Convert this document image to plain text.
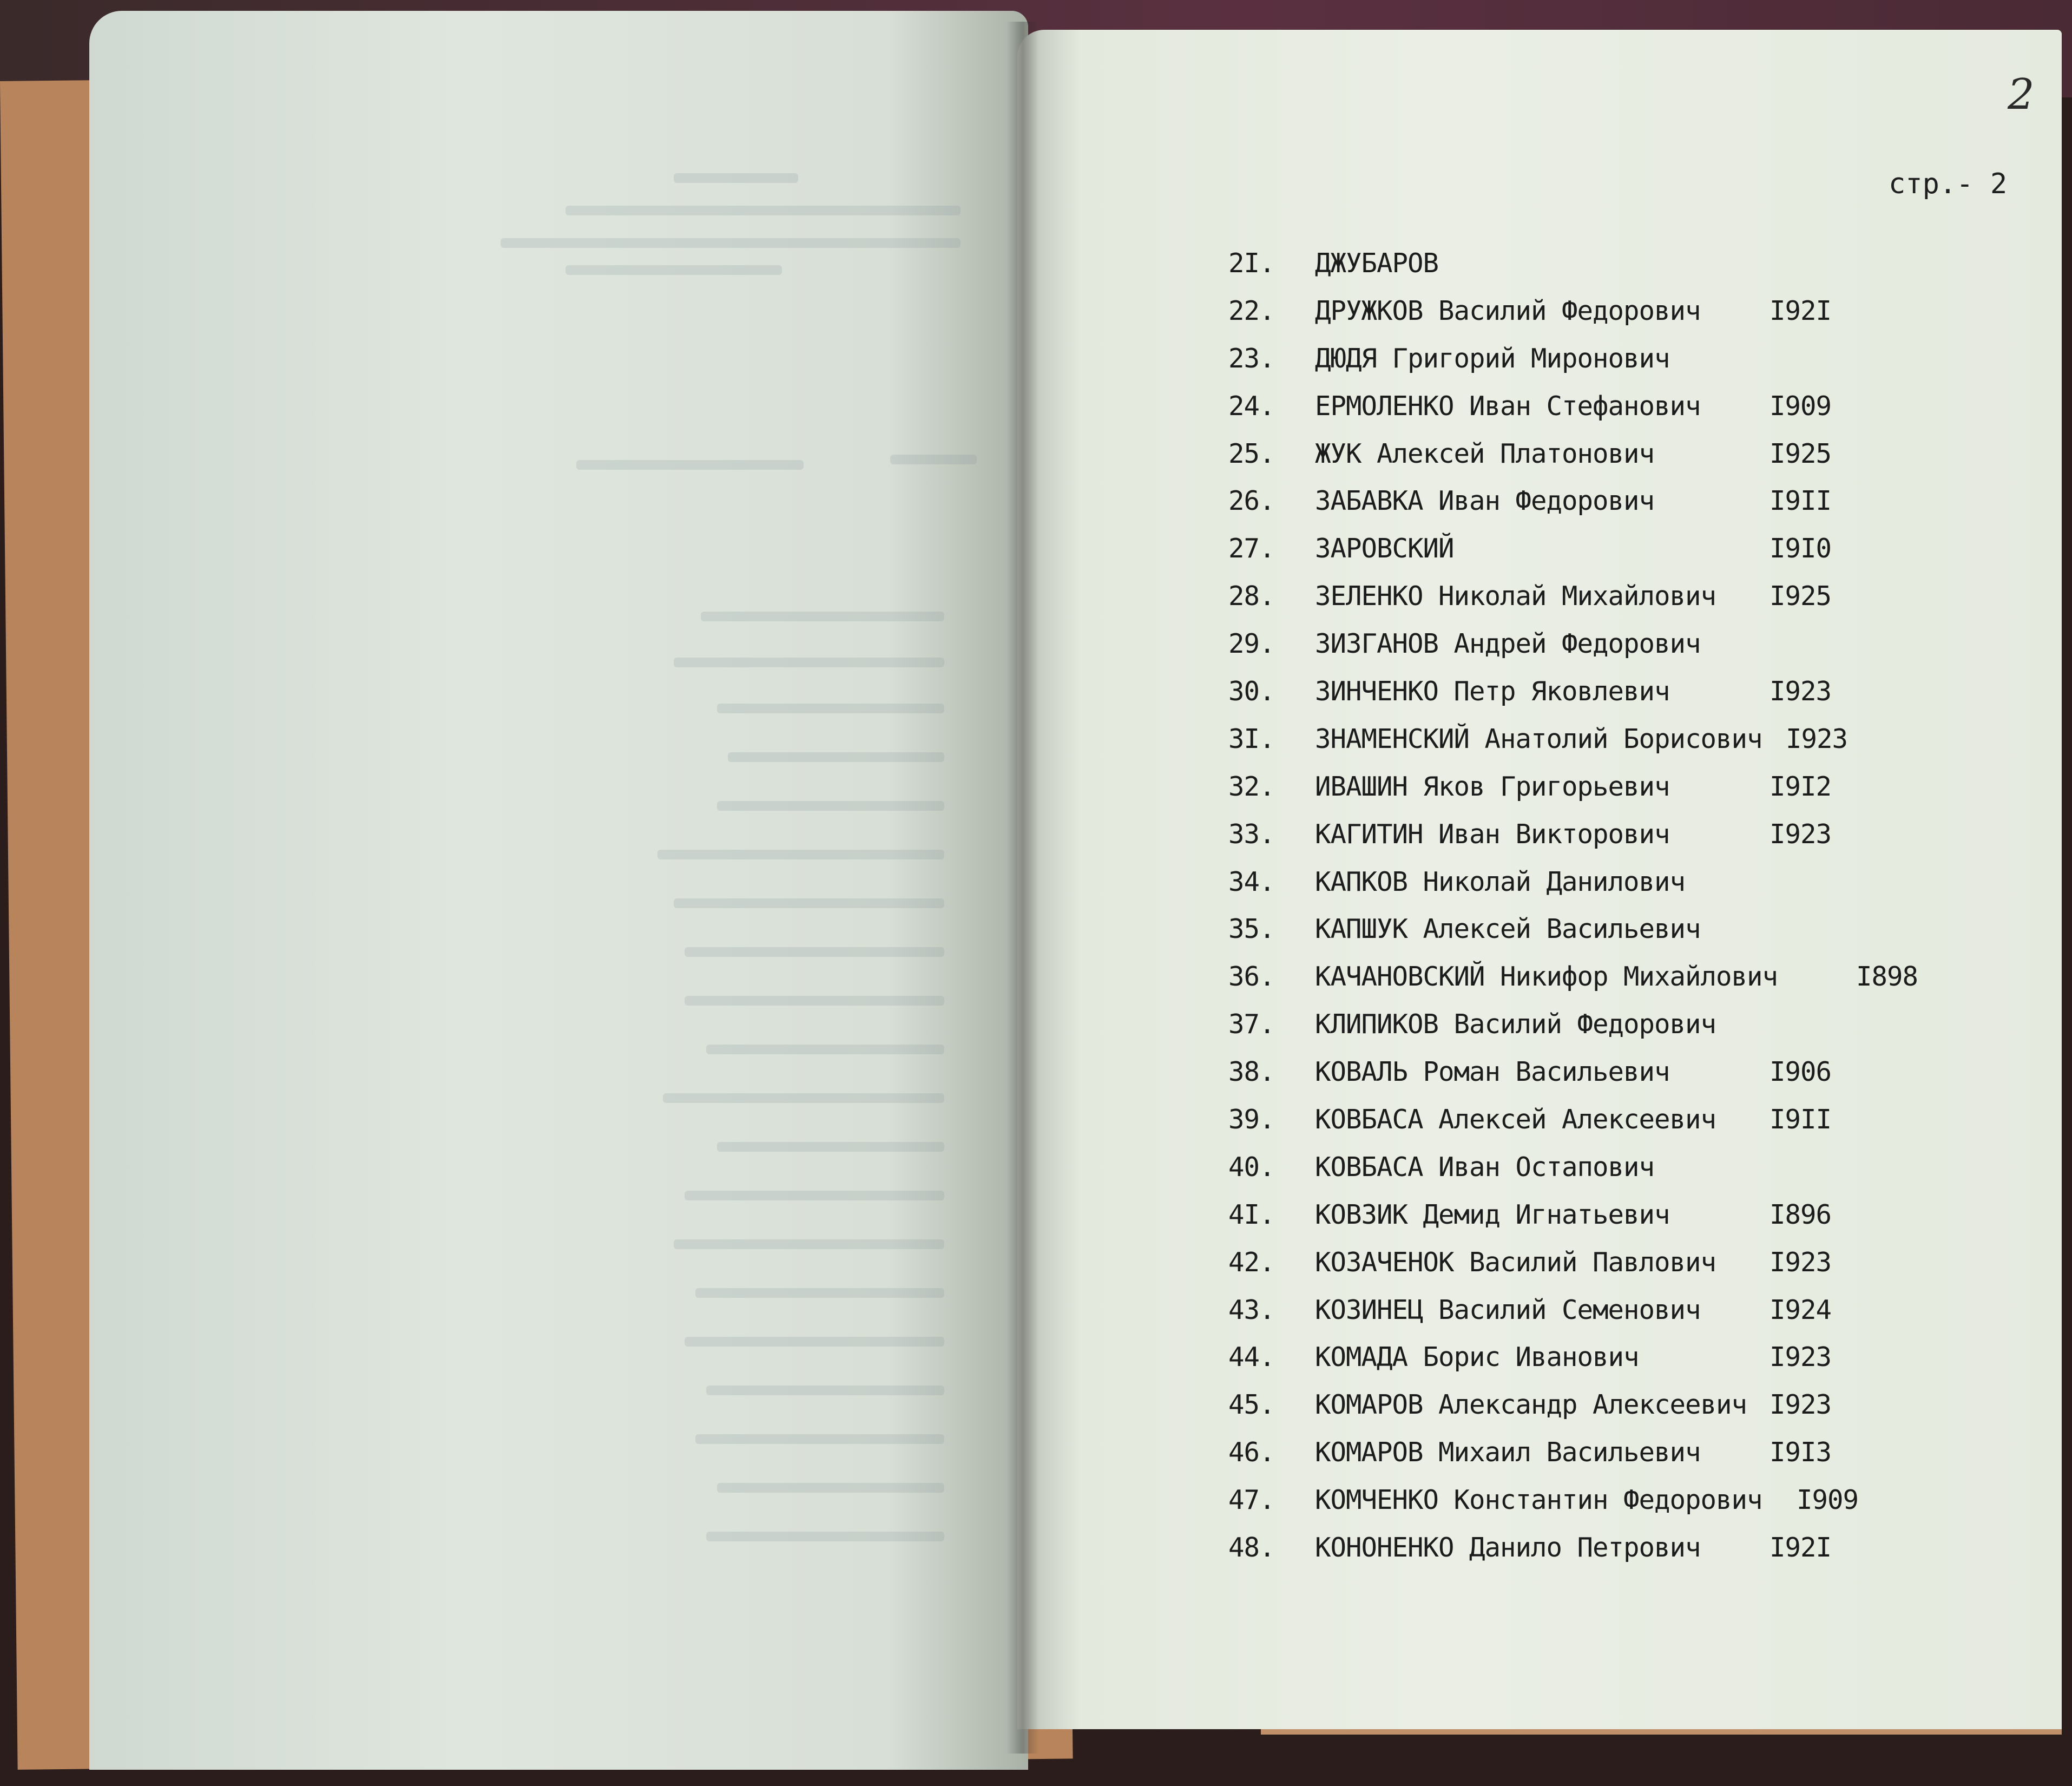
2
стр.- 2
2I. ДЖУБАРОВ
22. ДРУЖКОВ Василий Федорович	I92I
23. ДЮДЯ Григорий Миронович
24. ЕРМОЛЕНКО Иван Стефанович	I909
25. ЖУК Алексей Платонович	I925
26. ЗАБАВКА Иван Федорович	I9II
27. ЗАРОВСКИЙ	I9I0
28. ЗЕЛЕНКО Николай Михайлович I925
29. ЗИЗГАНОВ Андрей Федорович
30. ЗИНЧЕНКО Петр Яковлевич	I923
3I. ЗНАМЕНСКИЙ Анатолий Борисович I923
32. ИВАШИН Яков Григорьевич	I9I2
33. КАГИТИН Иван Викторович	I923
34. КАПКОВ Николай Данилович
35. КАПШУК Алексей Васильевич
36. КАЧАНОВСКИЙ Никифор Михайлович	I898
37. КЛИПИКОВ Василий Федорович
38. КОВАЛЬ Роман Васильевич	I906
39. КОВБАСА Алексей Алексеевич I9II
40. КОВБАСА Иван Остапович
4I. КОВЗИК Демид Игнатьевич	I896
42. КОЗАЧЕНОК Василий Павлович I923
43. КОЗИНЕЦ Василий Семенович	I924
44. КОМАДА Борис Иванович	I923
45. КОМАРОВ Александр Алексеевич I923
46. КОМАРОВ Михаил Васильевич	I9I3
47. КОМЧЕНКО Константин Федорович I909
48. КОНОНЕНКО Данило Петрович	I92I
